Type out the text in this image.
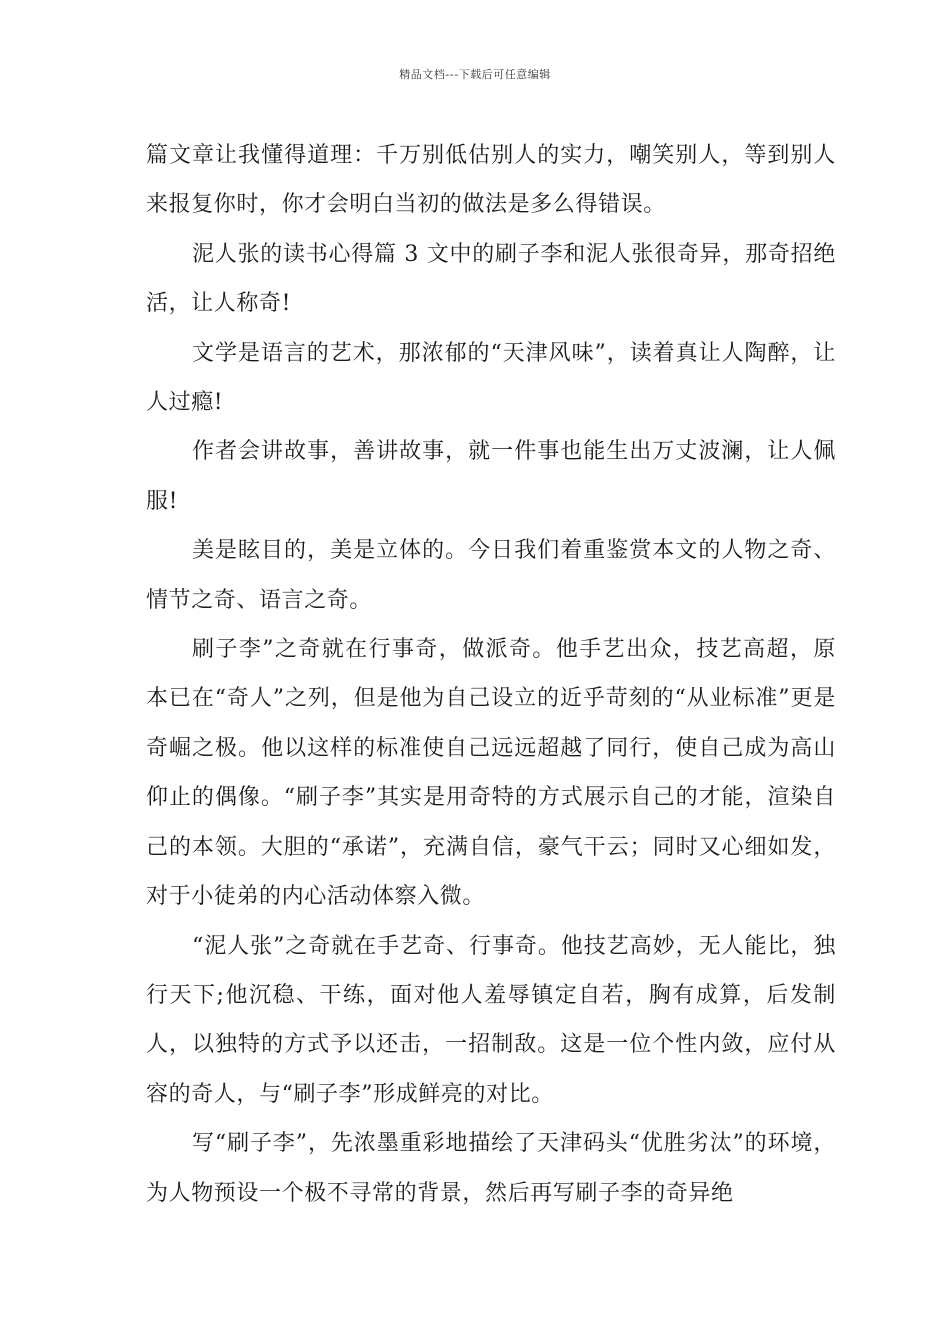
精品文档---下载后可任意编辑

篇文章让我懂得道理：千万别低估别人的实力，嘲笑别人，等到别人来报复你时，你才会明白当初的做法是多么得错误。

泥人张的读书心得篇 3 文中的刷子李和泥人张很奇异，那奇招绝活，让人称奇!

文学是语言的艺术，那浓郁的“天津风味”，读着真让人陶醉，让人过瘾!

作者会讲故事，善讲故事，就一件事也能生出万丈波澜，让人佩服!

美是眩目的，美是立体的。今日我们着重鉴赏本文的人物之奇、情节之奇、语言之奇。

刷子李”之奇就在行事奇，做派奇。他手艺出众，技艺高超，原本已在“奇人”之列，但是他为自己设立的近乎苛刻的“从业标准”更是奇崛之极。他以这样的标准使自己远远超越了同行，使自己成为高山仰止的偶像。“刷子李”其实是用奇特的方式展示自己的才能，渲染自己的本领。大胆的“承诺”，充满自信，豪气干云；同时又心细如发，对于小徒弟的内心活动体察入微。

“泥人张”之奇就在手艺奇、行事奇。他技艺高妙，无人能比，独行天下;他沉稳、干练，面对他人羞辱镇定自若，胸有成算，后发制人，以独特的方式予以还击，一招制敌。这是一位个性内敛，应付从容的奇人，与“刷子李”形成鲜亮的对比。

写“刷子李”，先浓墨重彩地描绘了天津码头“优胜劣汰”的环境，为人物预设一个极不寻常的背景，然后再写刷子李的奇异绝
